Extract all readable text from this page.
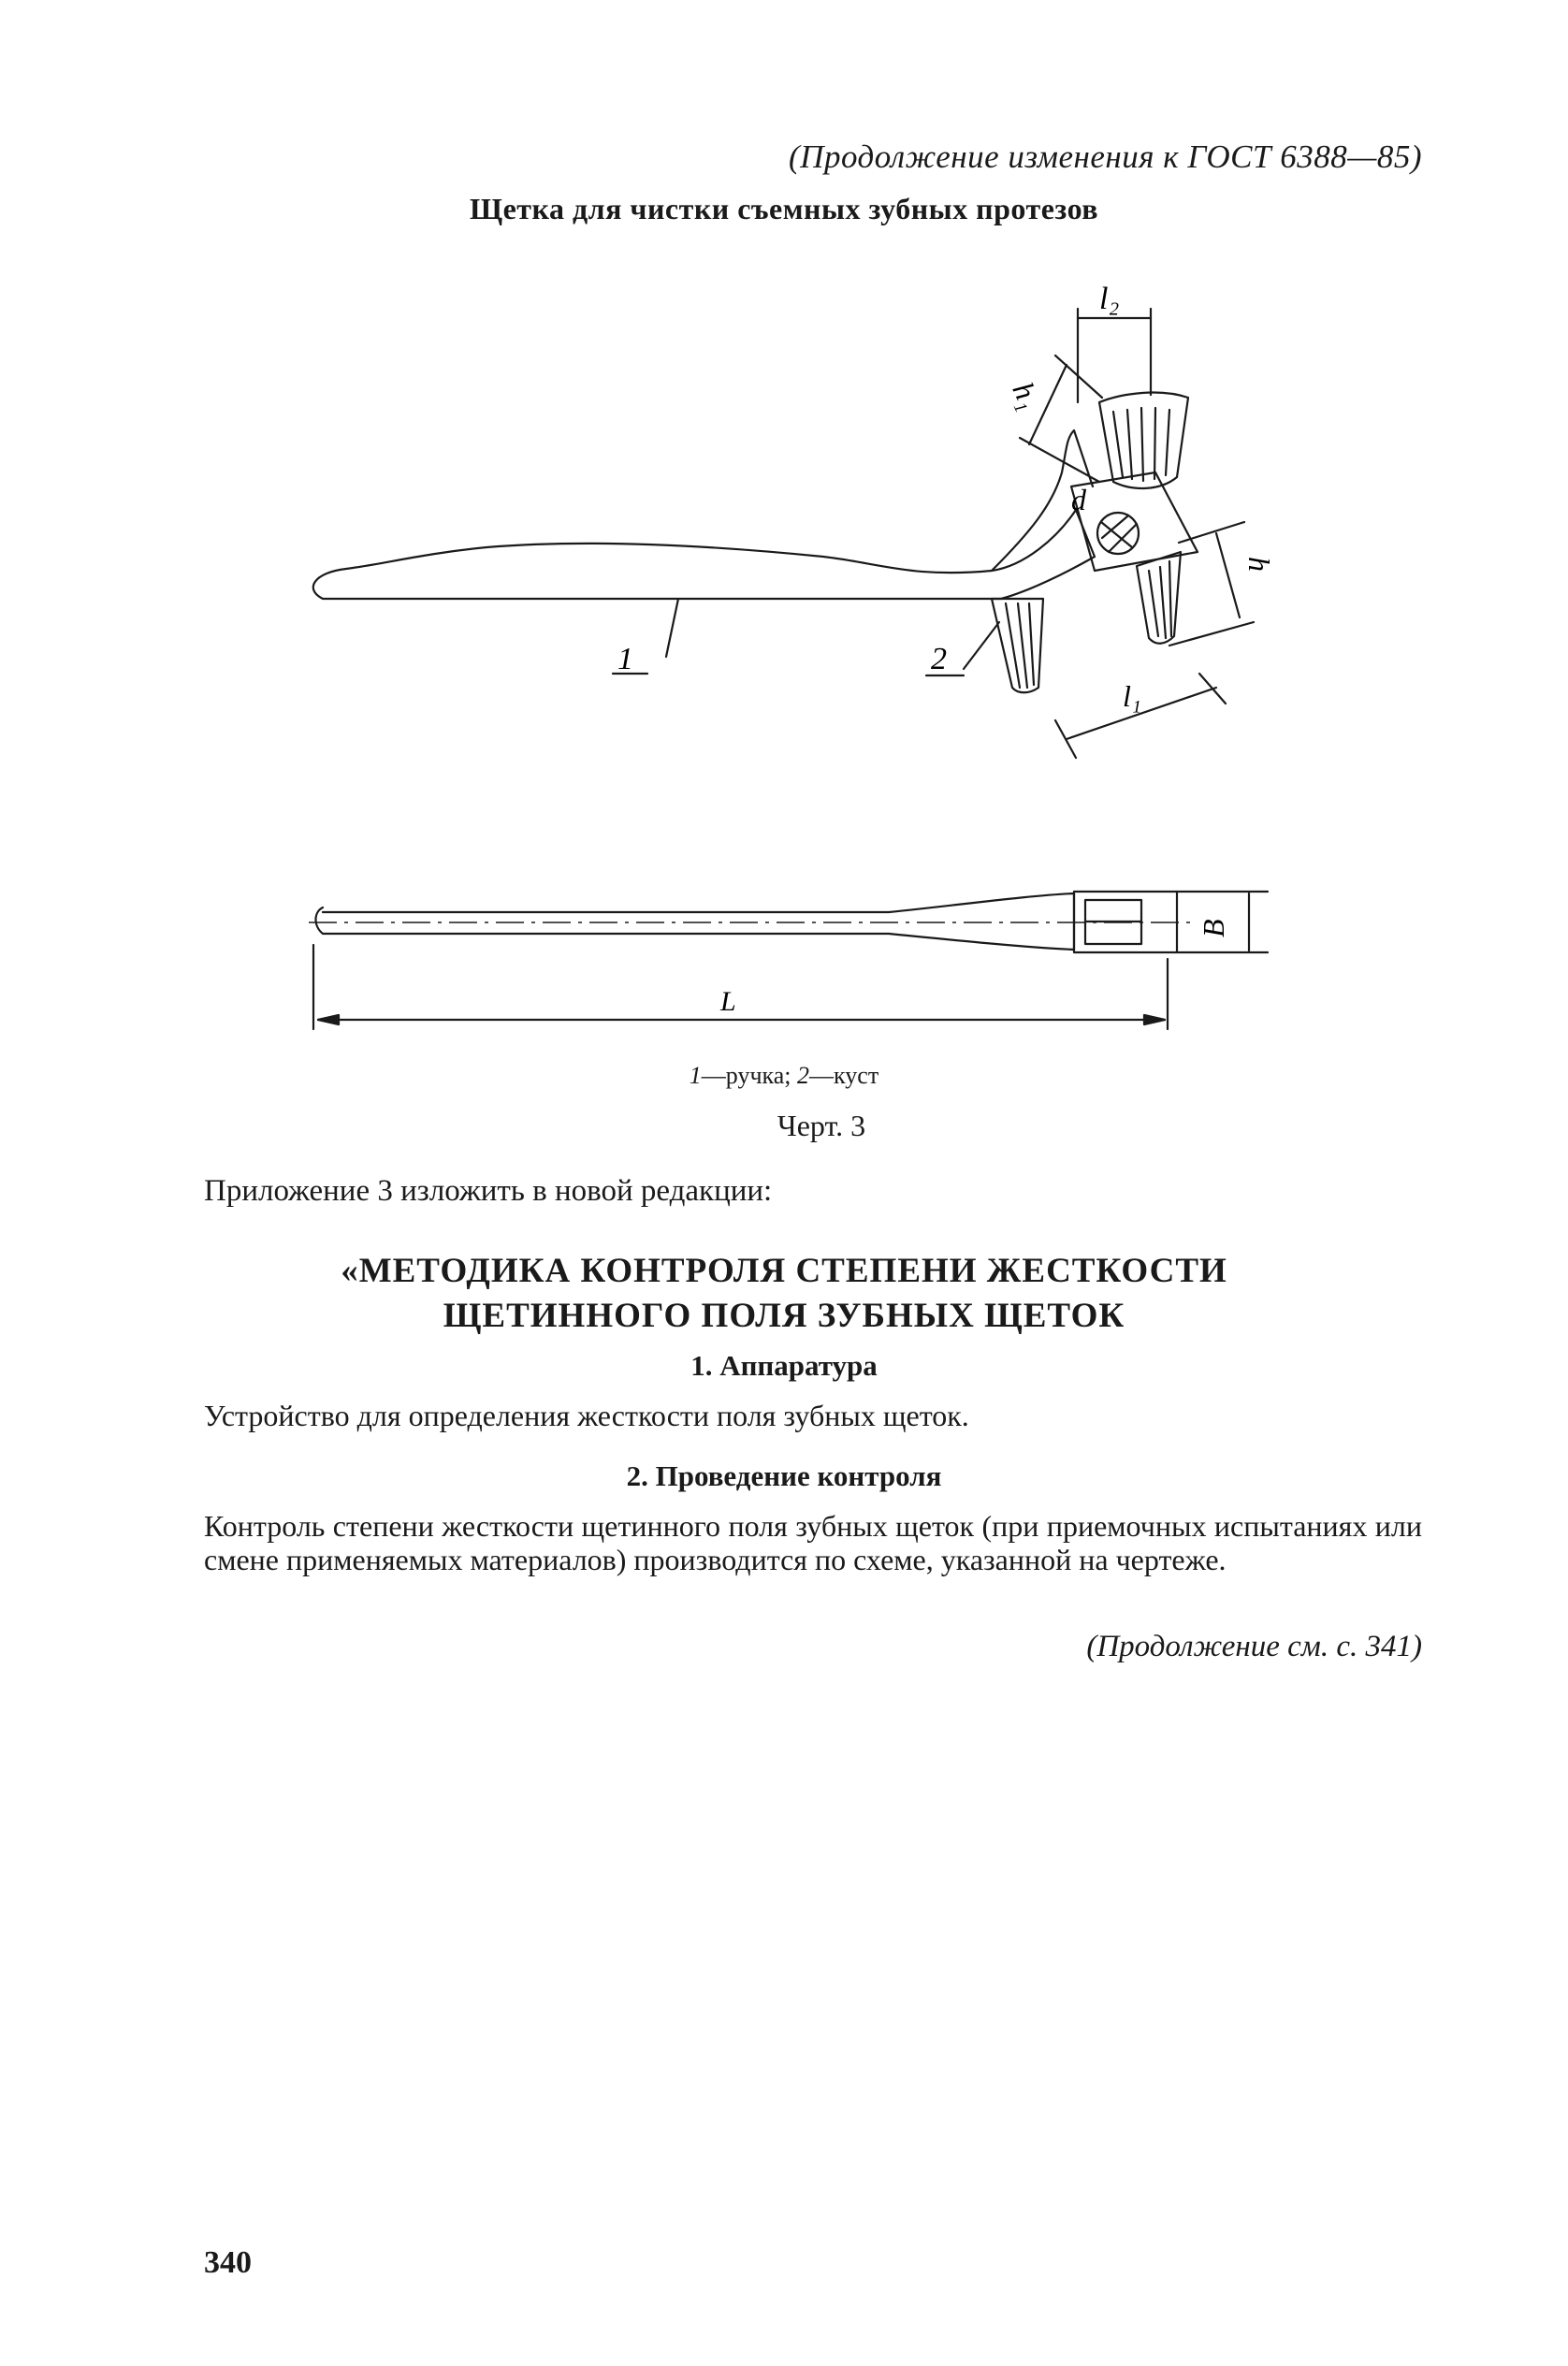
(Продолжение изменения к ГОСТ 6388—85)
Щетка для чистки съемных зубных протезов
l₂
h₁
d
h
l₁
B
L
1	2
1—ручка; 2—куст
Черт. 3
Приложение 3 изложить в новой редакции:
«МЕТОДИКА КОНТРОЛЯ СТЕПЕНИ ЖЕСТКОСТИ
ЩЕТИННОГО ПОЛЯ ЗУБНЫХ ЩЕТОК
1. Аппаратура
Устройство для определения жесткости поля зубных щеток.
2. Проведение контроля
Контроль степени жесткости щетинного поля зубных щеток (при приемочных испытаниях или смене применяемых материалов) производится по схеме, указанной на чертеже.
(Продолжение см. с. 341)
340
